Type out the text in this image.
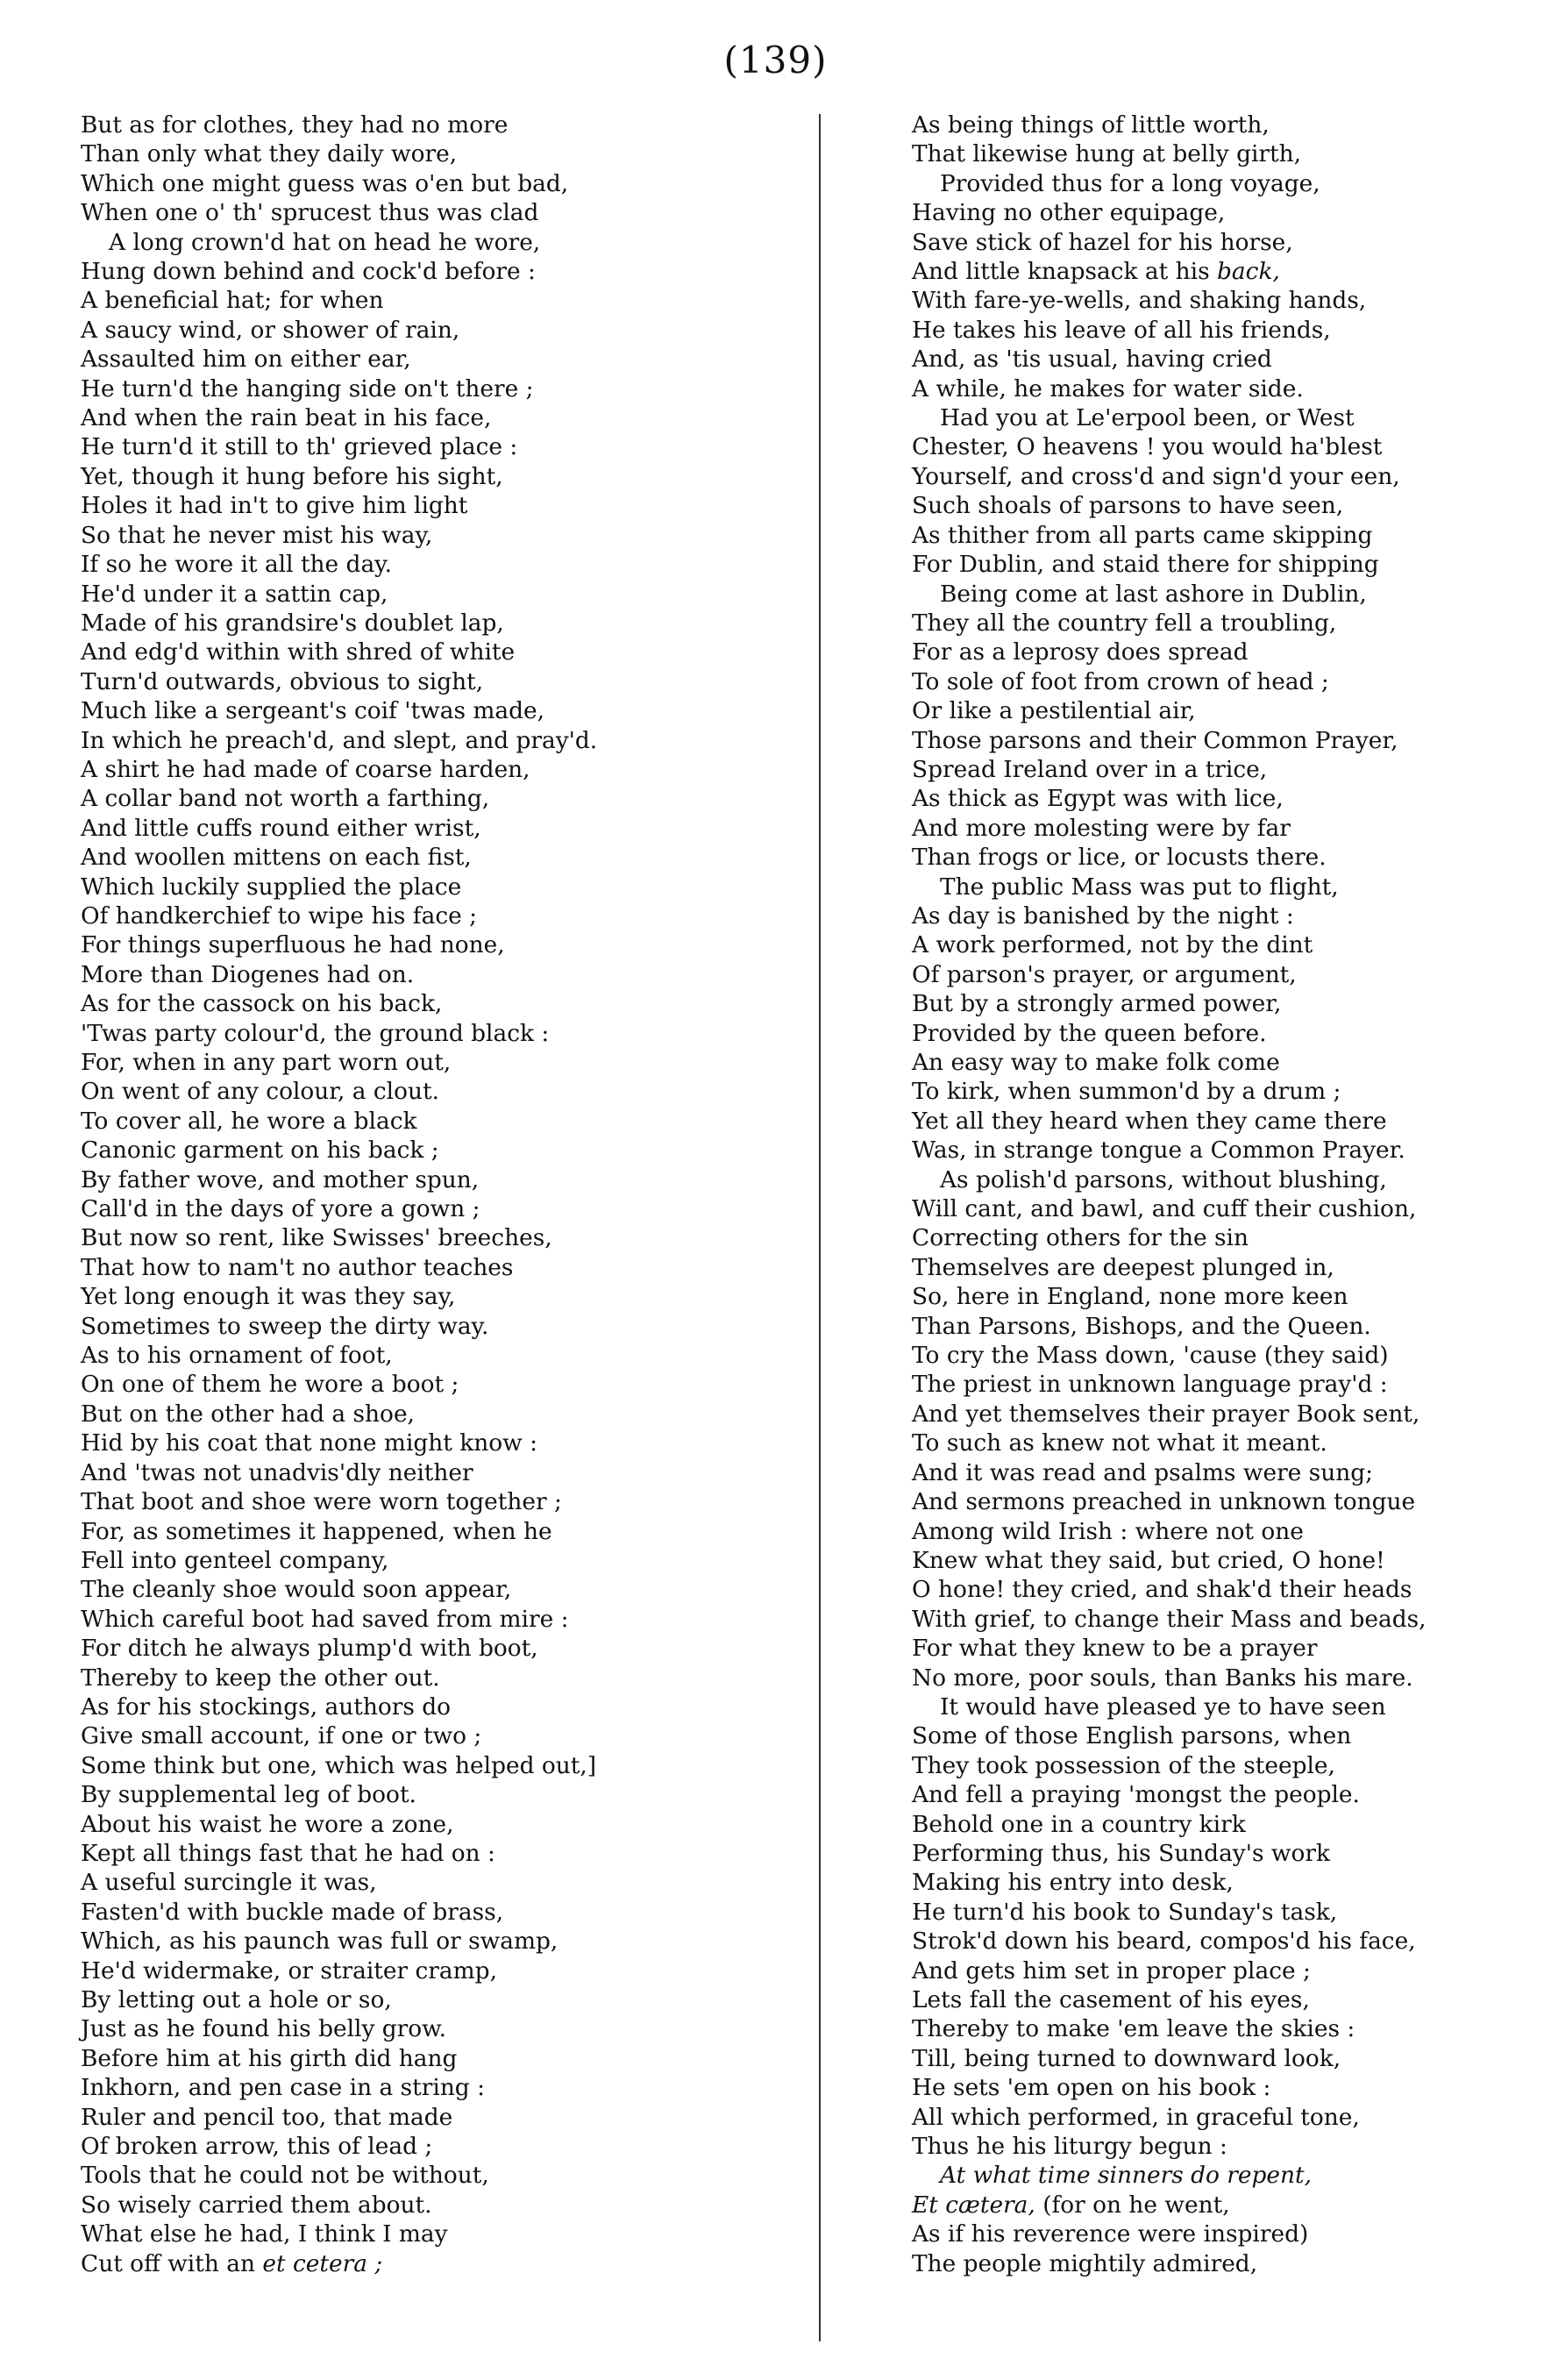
(139)
But as for clothes, they had no more
Than only what they daily wore,
Which one might guess was o'en but bad,
When one o' th' sprucest thus was clad
A long crown'd hat on head he wore,
Hung down behind and cock'd before :
A beneficial hat; for when
A saucy wind, or shower of rain,
Assaulted him on either ear,
He turn'd the hanging side on't there ;
And when the rain beat in his face,
He turn'd it still to th' grieved place :
Yet, though it hung before his sight,
Holes it had in't to give him light
So that he never mist his way,
If so he wore it all the day.
He'd under it a sattin cap,
Made of his grandsire's doublet lap,
And edg'd within with shred of white
Turn'd outwards, obvious to sight,
Much like a sergeant's coif 'twas made,
In which he preach'd, and slept, and pray'd.
A shirt he had made of coarse harden,
A collar band not worth a farthing,
And little cuffs round either wrist,
And woollen mittens on each fist,
Which luckily supplied the place
Of handkerchief to wipe his face ;
For things superfluous he had none,
More than Diogenes had on.
As for the cassock on his back,
'Twas party colour'd, the ground black :
For, when in any part worn out,
On went of any colour, a clout.
To cover all, he wore a black
Canonic garment on his back ;
By father wove, and mother spun,
Call'd in the days of yore a gown ;
But now so rent, like Swisses' breeches,
That how to nam't no author teaches
Yet long enough it was they say,
Sometimes to sweep the dirty way.
As to his ornament of foot,
On one of them he wore a boot ;
But on the other had a shoe,
Hid by his coat that none might know :
And 'twas not unadvis'dly neither
That boot and shoe were worn together ;
For, as sometimes it happened, when he
Fell into genteel company,
The cleanly shoe would soon appear,
Which careful boot had saved from mire :
For ditch he always plump'd with boot,
Thereby to keep the other out.
As for his stockings, authors do
Give small account, if one or two ;
Some think but one, which was helped out,]
By supplemental leg of boot.
About his waist he wore a zone,
Kept all things fast that he had on :
A useful surcingle it was,
Fasten'd with buckle made of brass,
Which, as his paunch was full or swamp,
He'd widermake, or straiter cramp,
By letting out a hole or so,
Just as he found his belly grow.
Before him at his girth did hang
Inkhorn, and pen case in a string :
Ruler and pencil too, that made
Of broken arrow, this of lead ;
Tools that he could not be without,
So wisely carried them about.
What else he had, I think I may
Cut off with an et cetera ;
As being things of little worth,
That likewise hung at belly girth,
Provided thus for a long voyage,
Having no other equipage,
Save stick of hazel for his horse,
And little knapsack at his back,
With fare-ye-wells, and shaking hands,
He takes his leave of all his friends,
And, as 'tis usual, having cried
A while, he makes for water side.
Had you at Le'erpool been, or West
Chester, O heavens ! you would ha'blest
Yourself, and cross'd and sign'd your een,
Such shoals of parsons to have seen,
As thither from all parts came skipping
For Dublin, and staid there for shipping
Being come at last ashore in Dublin,
They all the country fell a troubling,
For as a leprosy does spread
To sole of foot from crown of head ;
Or like a pestilential air,
Those parsons and their Common Prayer,
Spread Ireland over in a trice,
As thick as Egypt was with lice,
And more molesting were by far
Than frogs or lice, or locusts there.
The public Mass was put to flight,
As day is banished by the night :
A work performed, not by the dint
Of parson's prayer, or argument,
But by a strongly armed power,
Provided by the queen before.
An easy way to make folk come
To kirk, when summon'd by a drum ;
Yet all they heard when they came there
Was, in strange tongue a Common Prayer.
As polish'd parsons, without blushing,
Will cant, and bawl, and cuff their cushion,
Correcting others for the sin
Themselves are deepest plunged in,
So, here in England, none more keen
Than Parsons, Bishops, and the Queen.
To cry the Mass down, 'cause (they said)
The priest in unknown language pray'd :
And yet themselves their prayer Book sent,
To such as knew not what it meant.
And it was read and psalms were sung;
And sermons preached in unknown tongue
Among wild Irish : where not one
Knew what they said, but cried, O hone!
O hone! they cried, and shak'd their heads
With grief, to change their Mass and beads,
For what they knew to be a prayer
No more, poor souls, than Banks his mare.
It would have pleased ye to have seen
Some of those English parsons, when
They took possession of the steeple,
And fell a praying 'mongst the people.
Behold one in a country kirk
Performing thus, his Sunday's work
Making his entry into desk,
He turn'd his book to Sunday's task,
Strok'd down his beard, compos'd his face,
And gets him set in proper place ;
Lets fall the casement of his eyes,
Thereby to make 'em leave the skies :
Till, being turned to downward look,
He sets 'em open on his book :
All which performed, in graceful tone,
Thus he his liturgy begun :
At what time sinners do repent,
Et cætera, (for on he went,
As if his reverence were inspired)
The people mightily admired,
